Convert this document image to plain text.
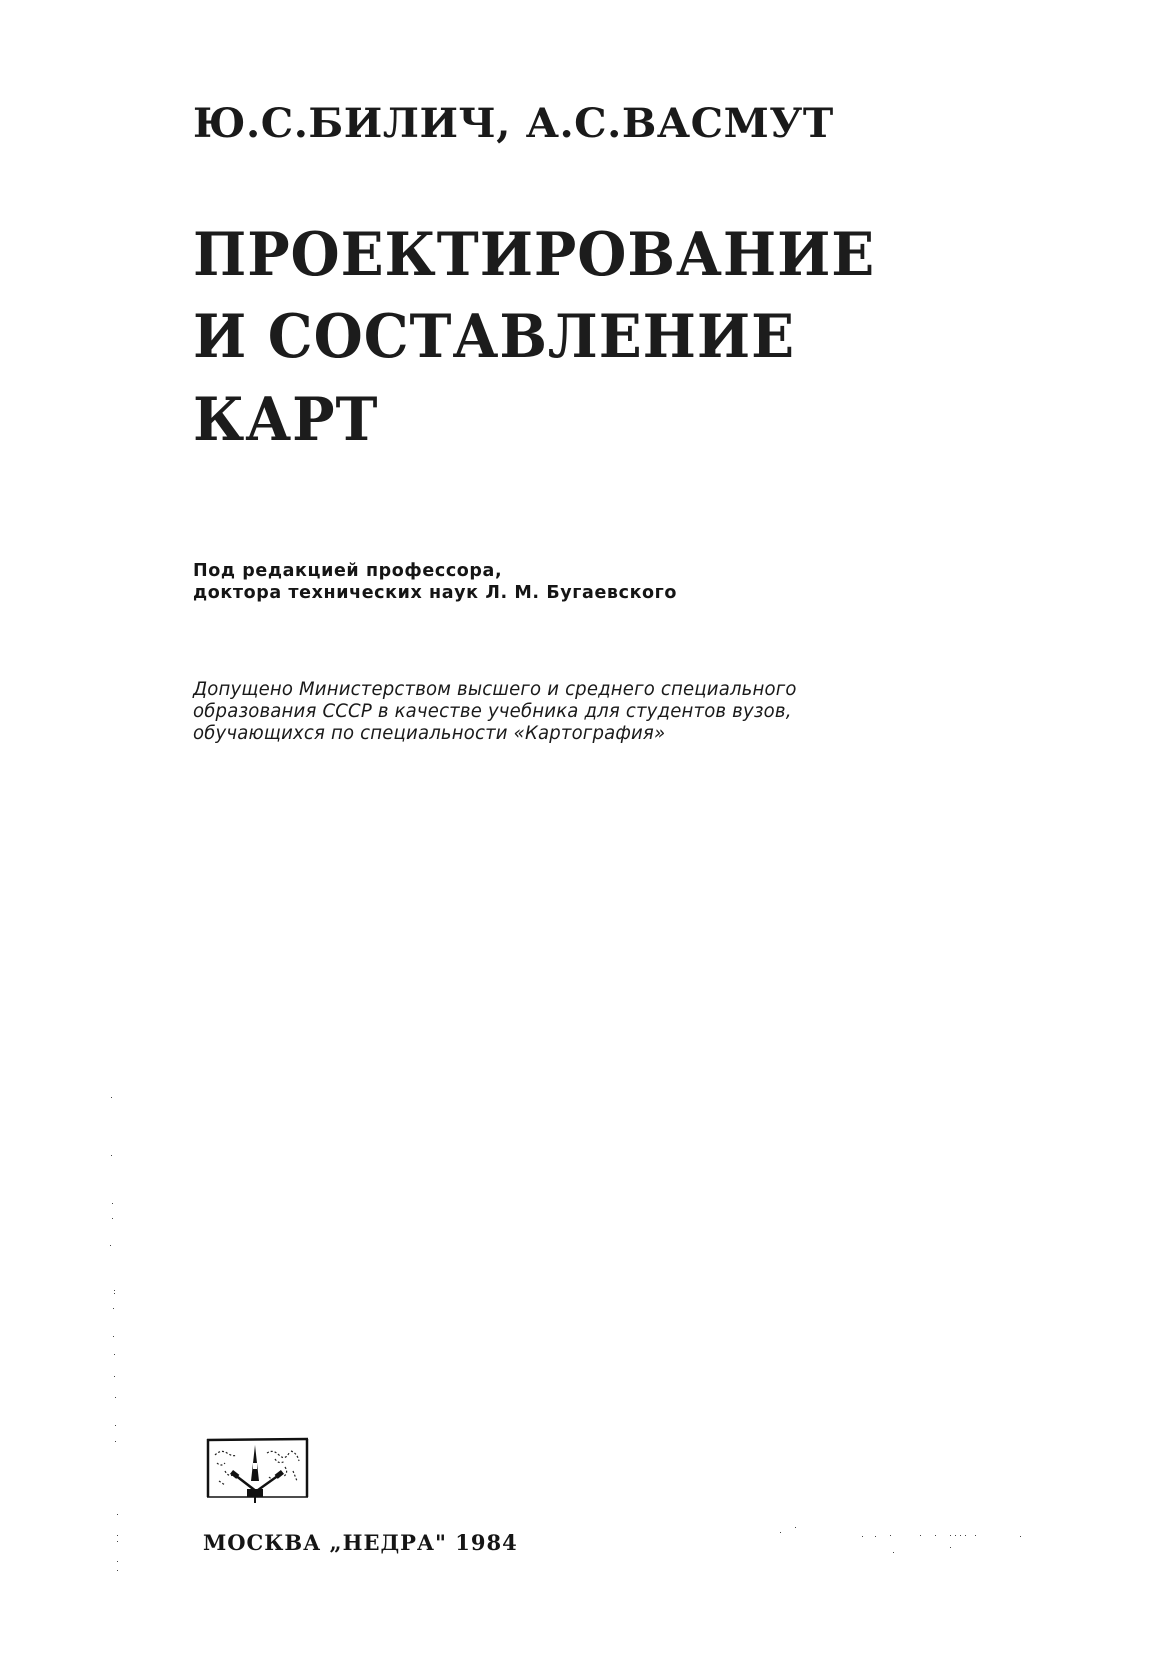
Ю.С.БИЛИЧ, А.С.ВАСМУТ
ПРОЕКТИРОВАНИЕ
И СОСТАВЛЕНИЕ
КАРТ
Под редакцией профессора,
доктора технических наук Л. М. Бугаевского
Допущено Министерством высшего и среднего специального
образования СССР в качестве учебника для студентов вузов,
обучающихся по специальности «Картография»
МОСКВА „НЕДРА" 1984
